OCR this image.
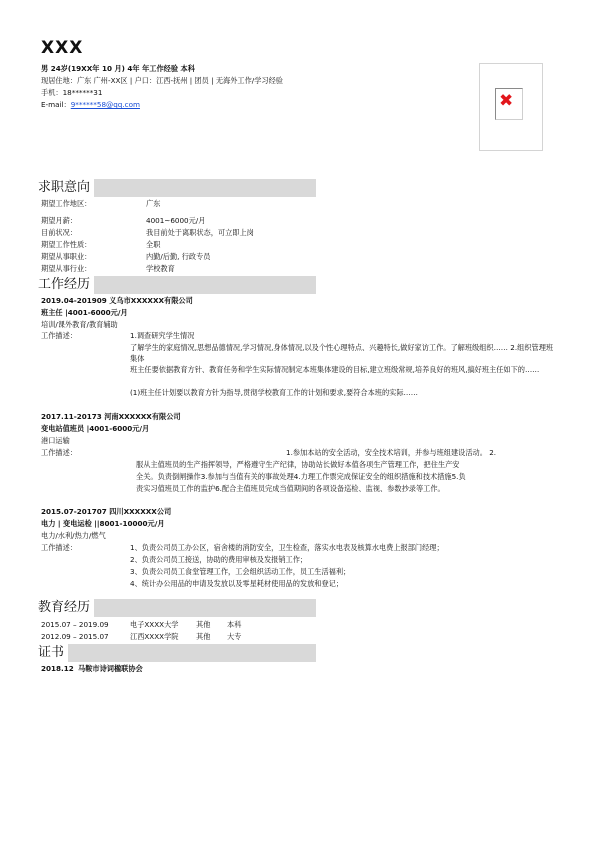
XXX
男 24岁(19XX年 10 月) 4年 年工作经验 本科
现居住地：广东 广州-XX区 | 户口：江西-抚州 | 团员 | 无海外工作/学习经验
手机：18******31
E-mail：9******58@qq.com	✖
求职意向
期望工作地区：	广东
期望月薪：	4001~6000元/月
目前状况：	我目前处于离职状态，可立即上岗
期望工作性质：	全职
期望从事职业：	内勤/后勤, 行政专员
期望从事行业：	学校教育
工作经历
2019.04-201909 义乌市XXXXXX有限公司
班主任 |4001-6000元/月
培训/课外教育/教育辅助
工作描述：	1.调查研究学生情况
了解学生的家庭情况,思想品德情况,学习情况,身体情况,以及个性心理特点、兴趣特长,做好家访工作。了解班级组织…… 2.组织管理班集体
班主任要依据教育方针、教育任务和学生实际情况制定本班集体建设的目标,建立班级常规,培养良好的班风,搞好班主任如下的……
(1)班主任计划要以教育方针为指导,贯彻学校教育工作的计划和要求,要符合本班的实际……
2017.11-20173 河南XXXXXX有限公司
变电站值班员 |4001-6000元/月
港口运输
工作描述：	1.参加本站的安全活动，安全技术培训，并参与班组建设活动。 2.
服从主值班员的生产指挥领导，严格遵守生产纪律，协助站长做好本值各项生产管理工作，把住生产安
全关。负责倒闸操作3.参加与当值有关的事故处理4.力理工作票完成保证安全的组织措施和技术措施5.负
责实习值班员工作的监护6.配合主值班员完成当值期间的各项设备巡检、监视、参数抄录等工作。
2015.07-201707 四川XXXXXX公司
电力 | 变电运检 ||8001-10000元/月
电力/水利/热力/燃气
工作描述：	1、负责公司员工办公区，宿舍楼的消防安全，卫生检查，落实水电表及核算水电费上报部门经理；
2、负责公司员工接送，协助的费用审核及发报销工作；
3、负责公司员工食堂管理工作，工会组织活动工作，员工生活福利；
4、统计办公用品的申请及发放以及零星耗材使用品的发放和登记；
教育经历
2015.07 – 2019.09	电子XXXX大学 其他 本科
2012.09 – 2015.07	江西XXXX学院 其他 大专
证书
2018.12 马鞍市诗词楹联协会
